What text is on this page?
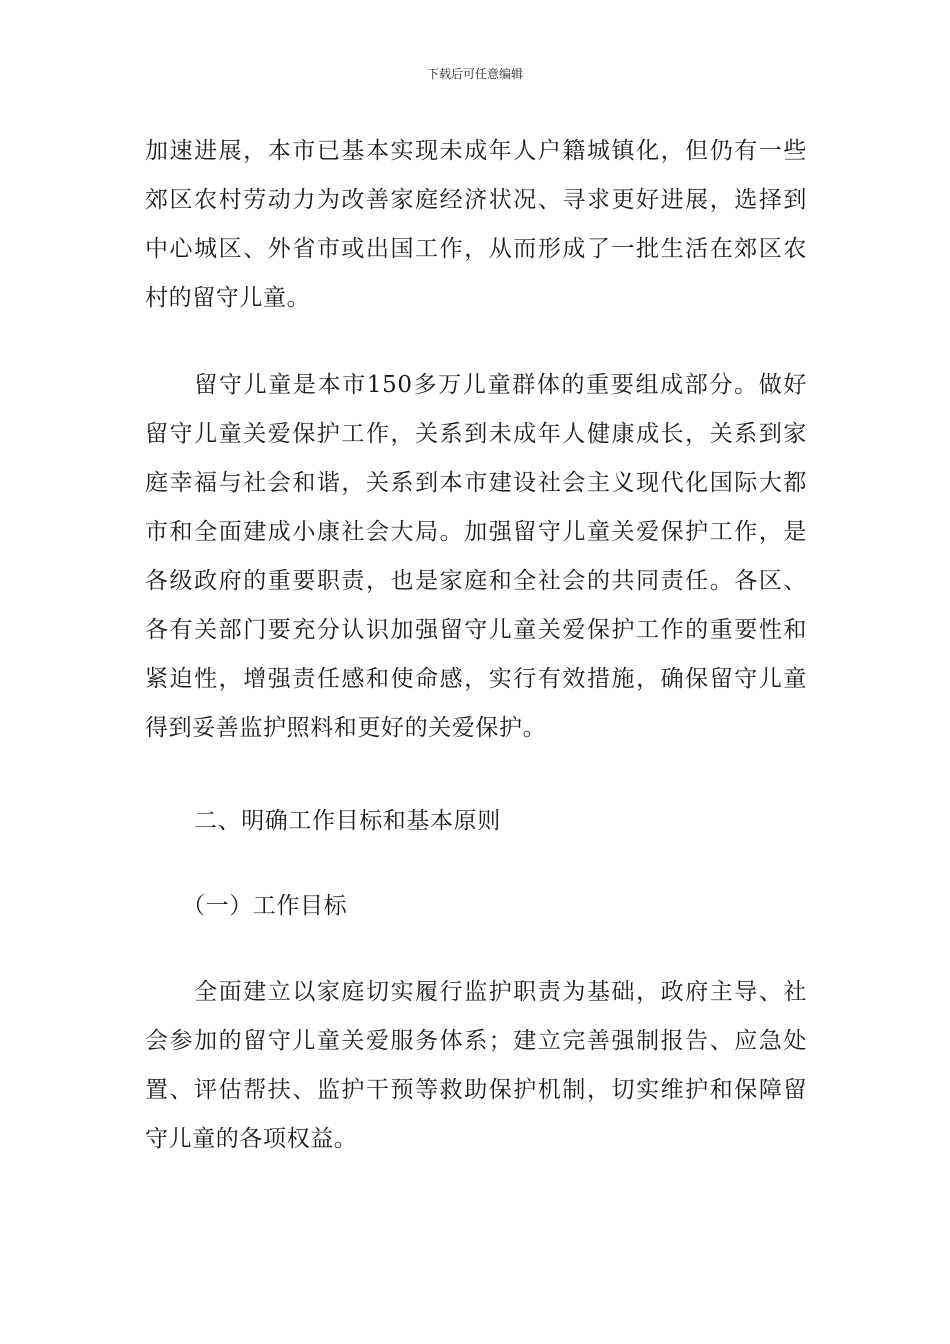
下载后可任意编辑
加速进展，本市已基本实现未成年人户籍城镇化，但仍有一些
郊区农村劳动力为改善家庭经济状况、寻求更好进展，选择到
中心城区、外省市或出国工作，从而形成了一批生活在郊区农
村的留守儿童。
　　留守儿童是本市150多万儿童群体的重要组成部分。做好
留守儿童关爱保护工作，关系到未成年人健康成长，关系到家
庭幸福与社会和谐，关系到本市建设社会主义现代化国际大都
市和全面建成小康社会大局。加强留守儿童关爱保护工作，是
各级政府的重要职责，也是家庭和全社会的共同责任。各区、
各有关部门要充分认识加强留守儿童关爱保护工作的重要性和
紧迫性，增强责任感和使命感，实行有效措施，确保留守儿童
得到妥善监护照料和更好的关爱保护。
二、明确工作目标和基本原则
（一）工作目标
　　全面建立以家庭切实履行监护职责为基础，政府主导、社
会参加的留守儿童关爱服务体系；建立完善强制报告、应急处
置、评估帮扶、监护干预等救助保护机制，切实维护和保障留
守儿童的各项权益。
